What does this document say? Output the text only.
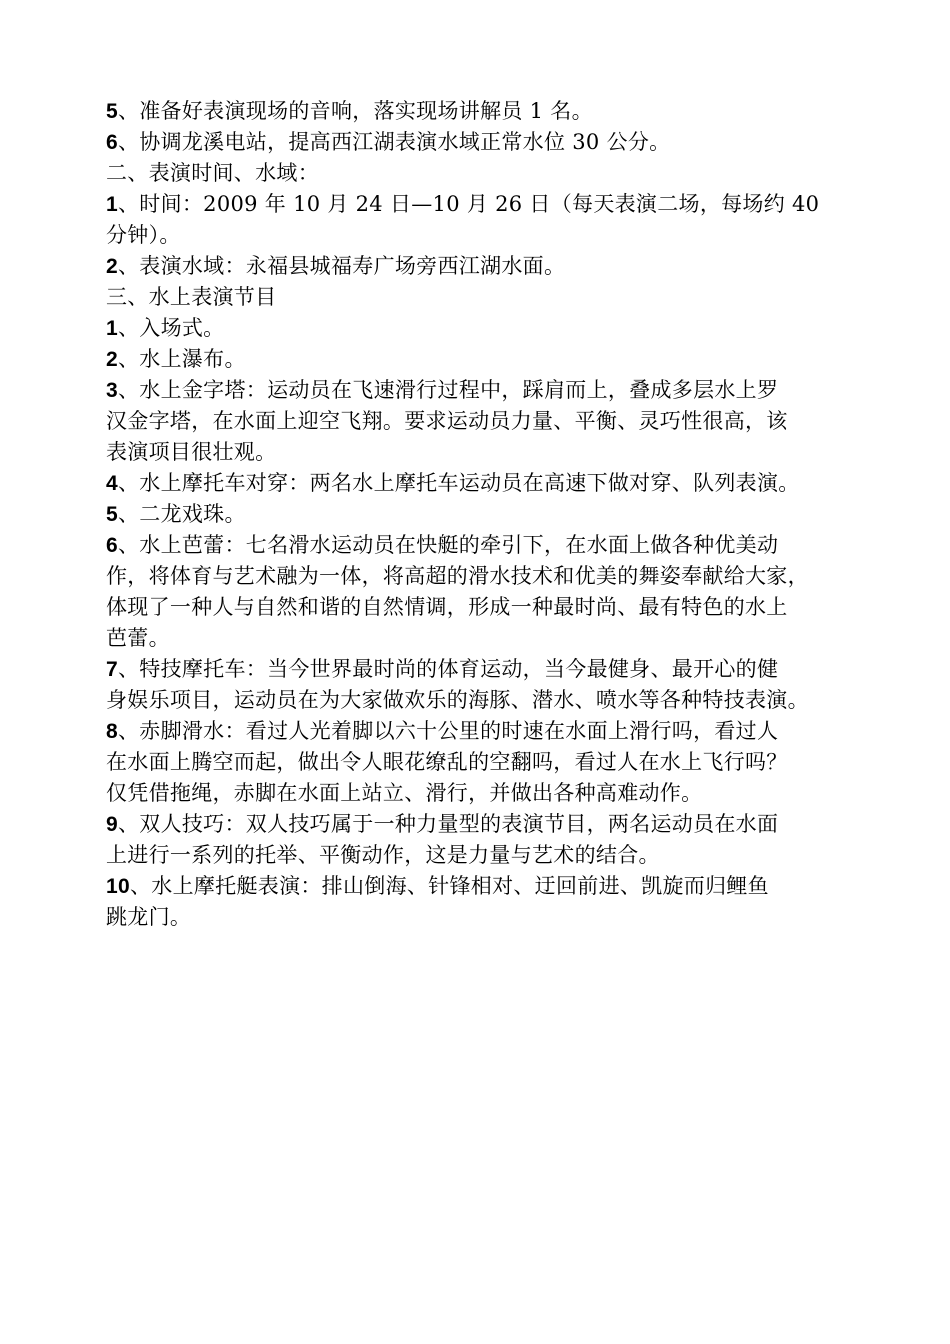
5、准备好表演现场的音响，落实现场讲解员 1 名。
6、协调龙溪电站，提高西江湖表演水域正常水位 30 公分。
二、表演时间、水域：
1、时间：2009 年 10 月 24 日—10 月 26 日（每天表演二场，每场约 40
分钟）。
2、表演水域：永福县城福寿广场旁西江湖水面。
三、水上表演节目
1、入场式。
2、水上瀑布。
3、水上金字塔：运动员在飞速滑行过程中，踩肩而上，叠成多层水上罗
汉金字塔，在水面上迎空飞翔。要求运动员力量、平衡、灵巧性很高，该
表演项目很壮观。
4、水上摩托车对穿：两名水上摩托车运动员在高速下做对穿、队列表演。
5、二龙戏珠。
6、水上芭蕾：七名滑水运动员在快艇的牵引下，在水面上做各种优美动
作，将体育与艺术融为一体，将高超的滑水技术和优美的舞姿奉献给大家，
体现了一种人与自然和谐的自然情调，形成一种最时尚、最有特色的水上
芭蕾。
7、特技摩托车：当今世界最时尚的体育运动，当今最健身、最开心的健
身娱乐项目，运动员在为大家做欢乐的海豚、潜水、喷水等各种特技表演。
8、赤脚滑水：看过人光着脚以六十公里的时速在水面上滑行吗，看过人
在水面上腾空而起，做出令人眼花缭乱的空翻吗，看过人在水上飞行吗？
仅凭借拖绳，赤脚在水面上站立、滑行，并做出各种高难动作。
9、双人技巧：双人技巧属于一种力量型的表演节目，两名运动员在水面
上进行一系列的托举、平衡动作，这是力量与艺术的结合。
10、水上摩托艇表演：排山倒海、针锋相对、迂回前进、凯旋而归鲤鱼
跳龙门。
